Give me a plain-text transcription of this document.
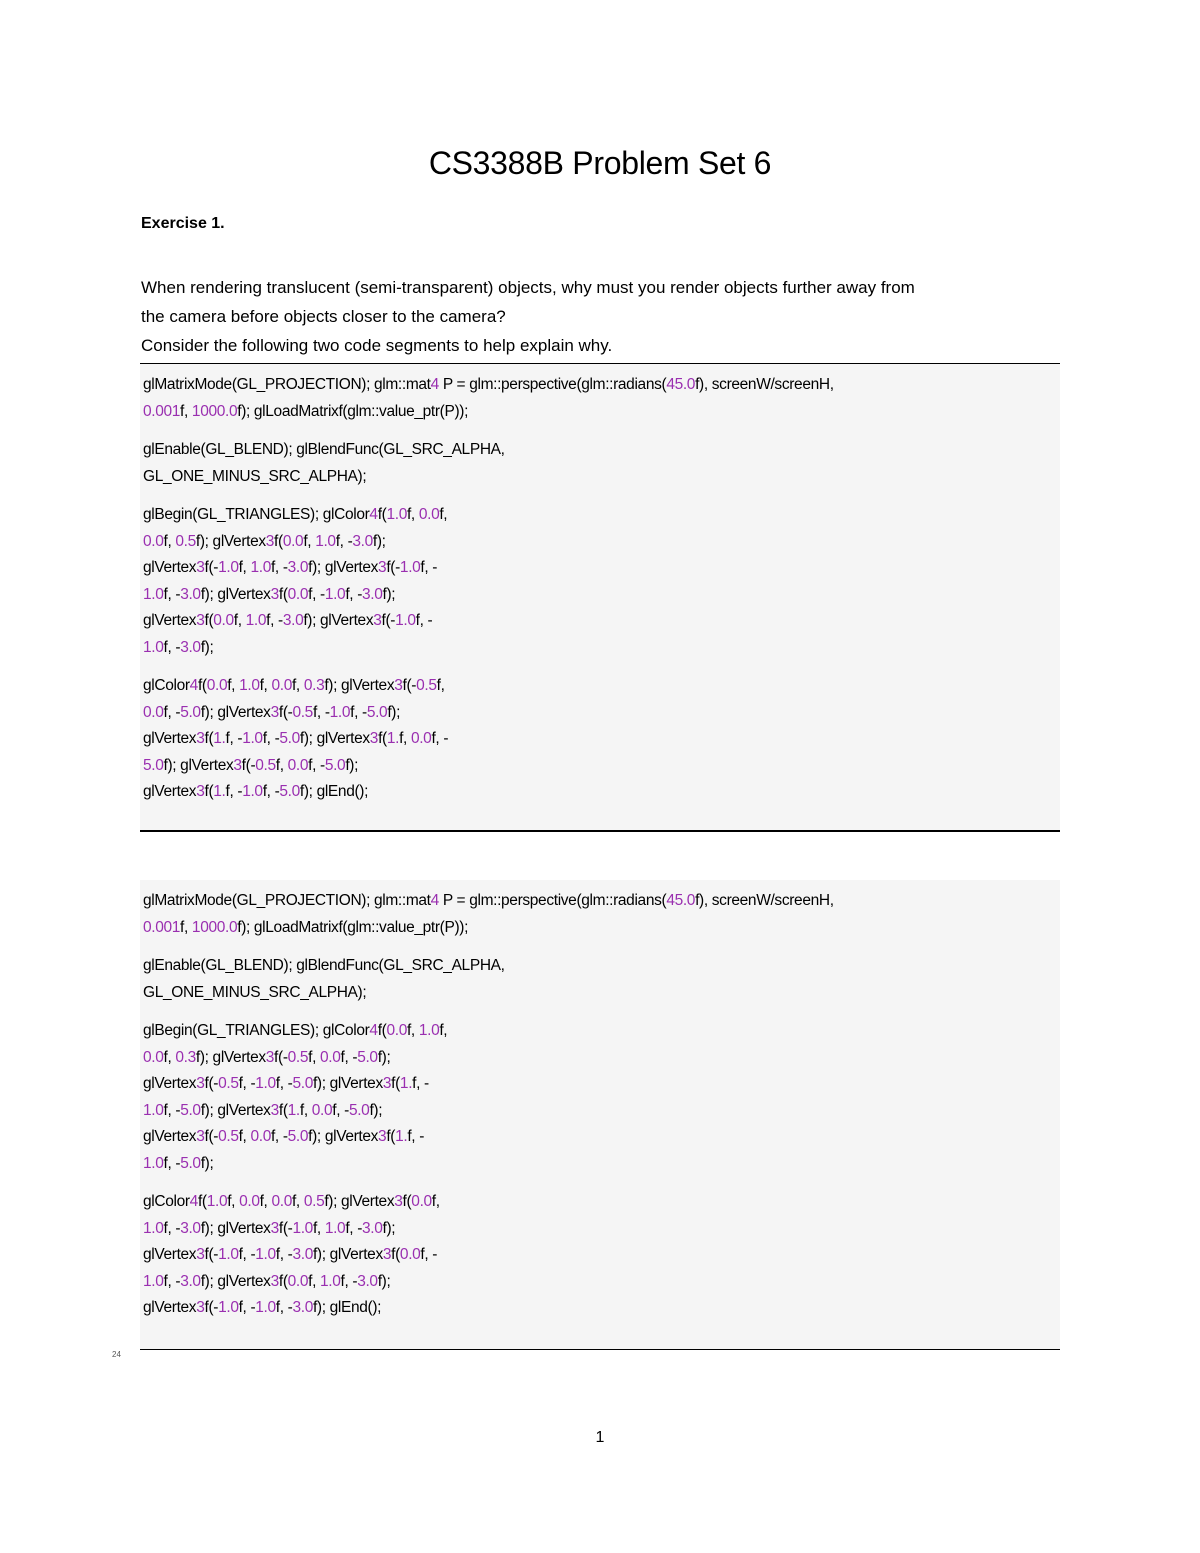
CS3388B Problem Set 6
Exercise 1.
When rendering translucent (semi-transparent) objects, why must you render objects further away from
the camera before objects closer to the camera?
Consider the following two code segments to help explain why.
glMatrixMode(GL_PROJECTION); glm::mat4 P = glm::perspective(glm::radians(45.0f), screenW/screenH,
0.001f, 1000.0f); glLoadMatrixf(glm::value_ptr(P));
glEnable(GL_BLEND); glBlendFunc(GL_SRC_ALPHA,
GL_ONE_MINUS_SRC_ALPHA);
glBegin(GL_TRIANGLES); glColor4f(1.0f, 0.0f,
0.0f, 0.5f); glVertex3f(0.0f, 1.0f, -3.0f);
glVertex3f(-1.0f, 1.0f, -3.0f); glVertex3f(-1.0f, -
1.0f, -3.0f); glVertex3f(0.0f, -1.0f, -3.0f);
glVertex3f(0.0f, 1.0f, -3.0f); glVertex3f(-1.0f, -
1.0f, -3.0f);
glColor4f(0.0f, 1.0f, 0.0f, 0.3f); glVertex3f(-0.5f,
0.0f, -5.0f); glVertex3f(-0.5f, -1.0f, -5.0f);
glVertex3f(1.f, -1.0f, -5.0f); glVertex3f(1.f, 0.0f, -
5.0f); glVertex3f(-0.5f, 0.0f, -5.0f);
glVertex3f(1.f, -1.0f, -5.0f); glEnd();
glMatrixMode(GL_PROJECTION); glm::mat4 P = glm::perspective(glm::radians(45.0f), screenW/screenH,
0.001f, 1000.0f); glLoadMatrixf(glm::value_ptr(P));
glEnable(GL_BLEND); glBlendFunc(GL_SRC_ALPHA,
GL_ONE_MINUS_SRC_ALPHA);
glBegin(GL_TRIANGLES); glColor4f(0.0f, 1.0f,
0.0f, 0.3f); glVertex3f(-0.5f, 0.0f, -5.0f);
glVertex3f(-0.5f, -1.0f, -5.0f); glVertex3f(1.f, -
1.0f, -5.0f); glVertex3f(1.f, 0.0f, -5.0f);
glVertex3f(-0.5f, 0.0f, -5.0f); glVertex3f(1.f, -
1.0f, -5.0f);
glColor4f(1.0f, 0.0f, 0.0f, 0.5f); glVertex3f(0.0f,
1.0f, -3.0f); glVertex3f(-1.0f, 1.0f, -3.0f);
glVertex3f(-1.0f, -1.0f, -3.0f); glVertex3f(0.0f, -
1.0f, -3.0f); glVertex3f(0.0f, 1.0f, -3.0f);
glVertex3f(-1.0f, -1.0f, -3.0f); glEnd();
24
1
